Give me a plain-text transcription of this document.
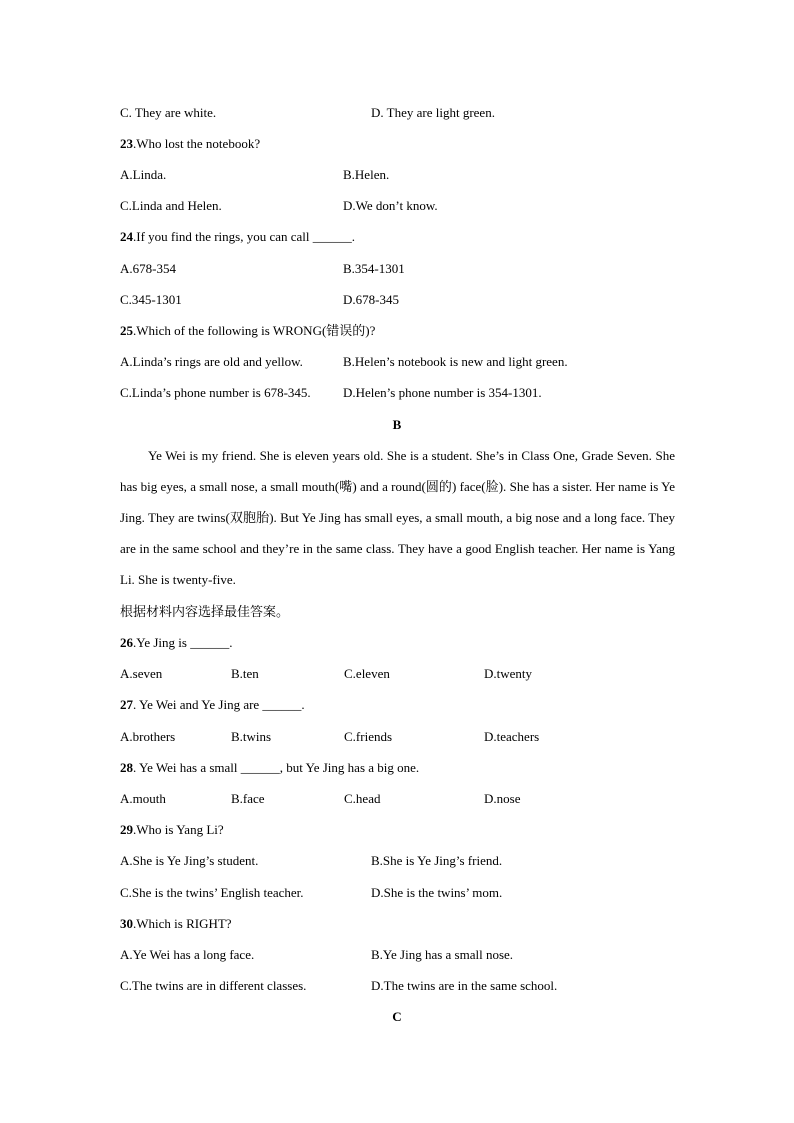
C. They are white.	D. They are light green.
23.Who lost the notebook?
A.Linda.	B.Helen.
C.Linda and Helen.	D.We don’t know.
24.If you find the rings, you can call ______.
A.678-354	B.354-1301
C.345-1301	D.678-345
25.Which of the following is WRONG(错误的)?
A.Linda’s rings are old and yellow.	B.Helen’s notebook is new and light green.
C.Linda’s phone number is 678-345. D.Helen’s phone number is 354-1301.
B
Ye Wei is my friend. She is eleven years old. She is a student. She’s in Class One, Grade Seven. She has big eyes, a small nose, a small mouth(嘴) and a round(圆的) face(脸). She has a sister. Her name is Ye Jing. They are twins(双胞胎). But Ye Jing has small eyes, a small mouth, a big nose and a long face. They are in the same school and they’re in the same class. They have a good English teacher. Her name is Yang Li. She is twenty-five.
根据材料内容选择最佳答案。
26.Ye Jing is ______.
A.seven	B.ten	C.eleven	D.twenty
27. Ye Wei and Ye Jing are ______.
A.brothers	B.twins	C.friends	D.teachers
28. Ye Wei has a small ______, but Ye Jing has a big one.
A.mouth	B.face	C.head	D.nose
29.Who is Yang Li?
A.She is Ye Jing’s student.	B.She is Ye Jing’s friend.
C.She is the twins’ English teacher.	D.She is the twins’ mom.
30.Which is RIGHT?
A.Ye Wei has a long face.	B.Ye Jing has a small nose.
C.The twins are in different classes.	D.The twins are in the same school.
C
